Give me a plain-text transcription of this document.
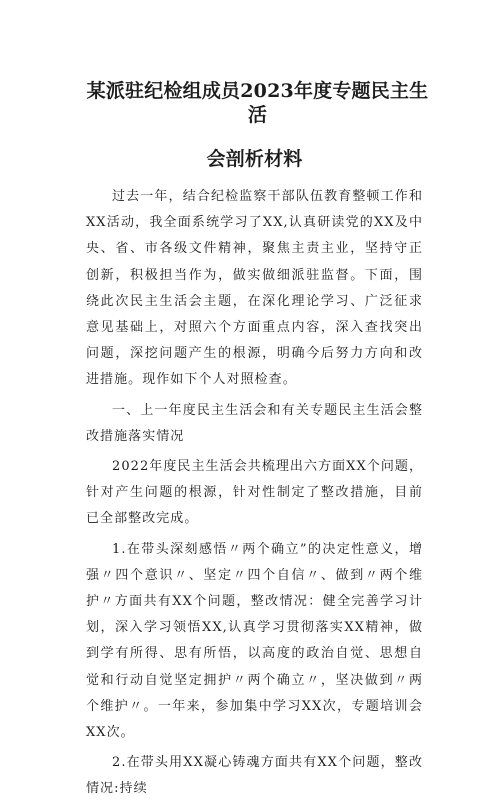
某派驻纪检组成员2023年度专题民主生活
会剖析材料

过去一年，结合纪检监察干部队伍教育整顿工作和XX活动，我全面系统学习了XX,认真研读党的XX及中央、省、市各级文件精神，聚焦主责主业，坚持守正创新，积极担当作为，做实做细派驻监督。下面，围绕此次民主生活会主题，在深化理论学习、广泛征求意见基础上，对照六个方面重点内容，深入查找突出问题，深挖问题产生的根源，明确今后努力方向和改进措施。现作如下个人对照检查。

一、上一年度民主生活会和有关专题民主生活会整改措施落实情况

2022年度民主生活会共梳理出六方面XX个问题，针对产生问题的根源，针对性制定了整改措施，目前已全部整改完成。

1.在带头深刻感悟〃两个确立”的决定性意义，增强〃四个意识〃、坚定〃四个自信〃、做到〃两个维护〃方面共有XX个问题，整改情况：健全完善学习计划，深入学习领悟XX,认真学习贯彻落实XX精神，做到学有所得、思有所悟，以高度的政治自觉、思想自觉和行动自觉坚定拥护〃两个确立〃，坚决做到〃两个维护〃。一年来，参加集中学习XX次，专题培训会XX次。

2.在带头用XX凝心铸魂方面共有XX个问题，整改情况:持续
